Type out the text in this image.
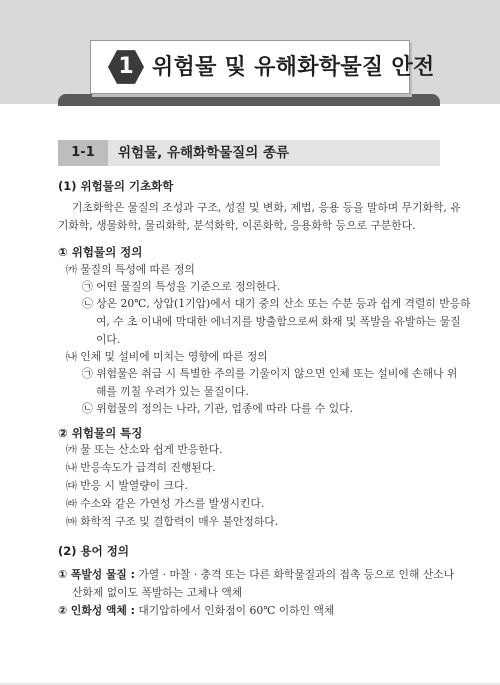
1 위험물 및 유해화학물질 안전
1-1	위험물, 유해화학물질의 종류
(1) 위험물의 기초화학
기초화학은 물질의 조성과 구조, 성질 및 변화, 제법, 응용 등을 말하며 무기화학, 유
기화학, 생물화학, 물리화학, 분석화학, 이론화학, 응용화학 등으로 구분한다.
① 위험물의 정의
㈎ 물질의 특성에 따른 정의
㉠ 어떤 물질의 특성을 기준으로 정의한다.
㉡ 상온 20℃, 상압(1기압)에서 대기 중의 산소 또는 수분 등과 쉽게 격렬히 반응하
여, 수 초 이내에 막대한 에너지를 방출함으로써 화재 및 폭발을 유발하는 물질
이다.
㈏ 인체 및 설비에 미치는 영향에 따른 정의
㉠ 위험물은 취급 시 특별한 주의를 기울이지 않으면 인체 또는 설비에 손해나 위
해를 끼칠 우려가 있는 물질이다.
㉡ 위험물의 정의는 나라, 기관, 업종에 따라 다를 수 있다.
② 위험물의 특징
㈎ 물 또는 산소와 쉽게 반응한다.
㈏ 반응속도가 급격히 진행된다.
㈐ 반응 시 발열량이 크다.
㈑ 수소와 같은 가연성 가스를 발생시킨다.
㈒ 화학적 구조 및 결합력이 매우 불안정하다.
(2) 용어 정의
① 폭발성 물질 : 가열 · 마찰 · 충격 또는 다른 화학물질과의 접촉 등으로 인해 산소나
산화제 없이도 폭발하는 고체나 액체
② 인화성 액체 : 대기압하에서 인화점이 60℃ 이하인 액체
